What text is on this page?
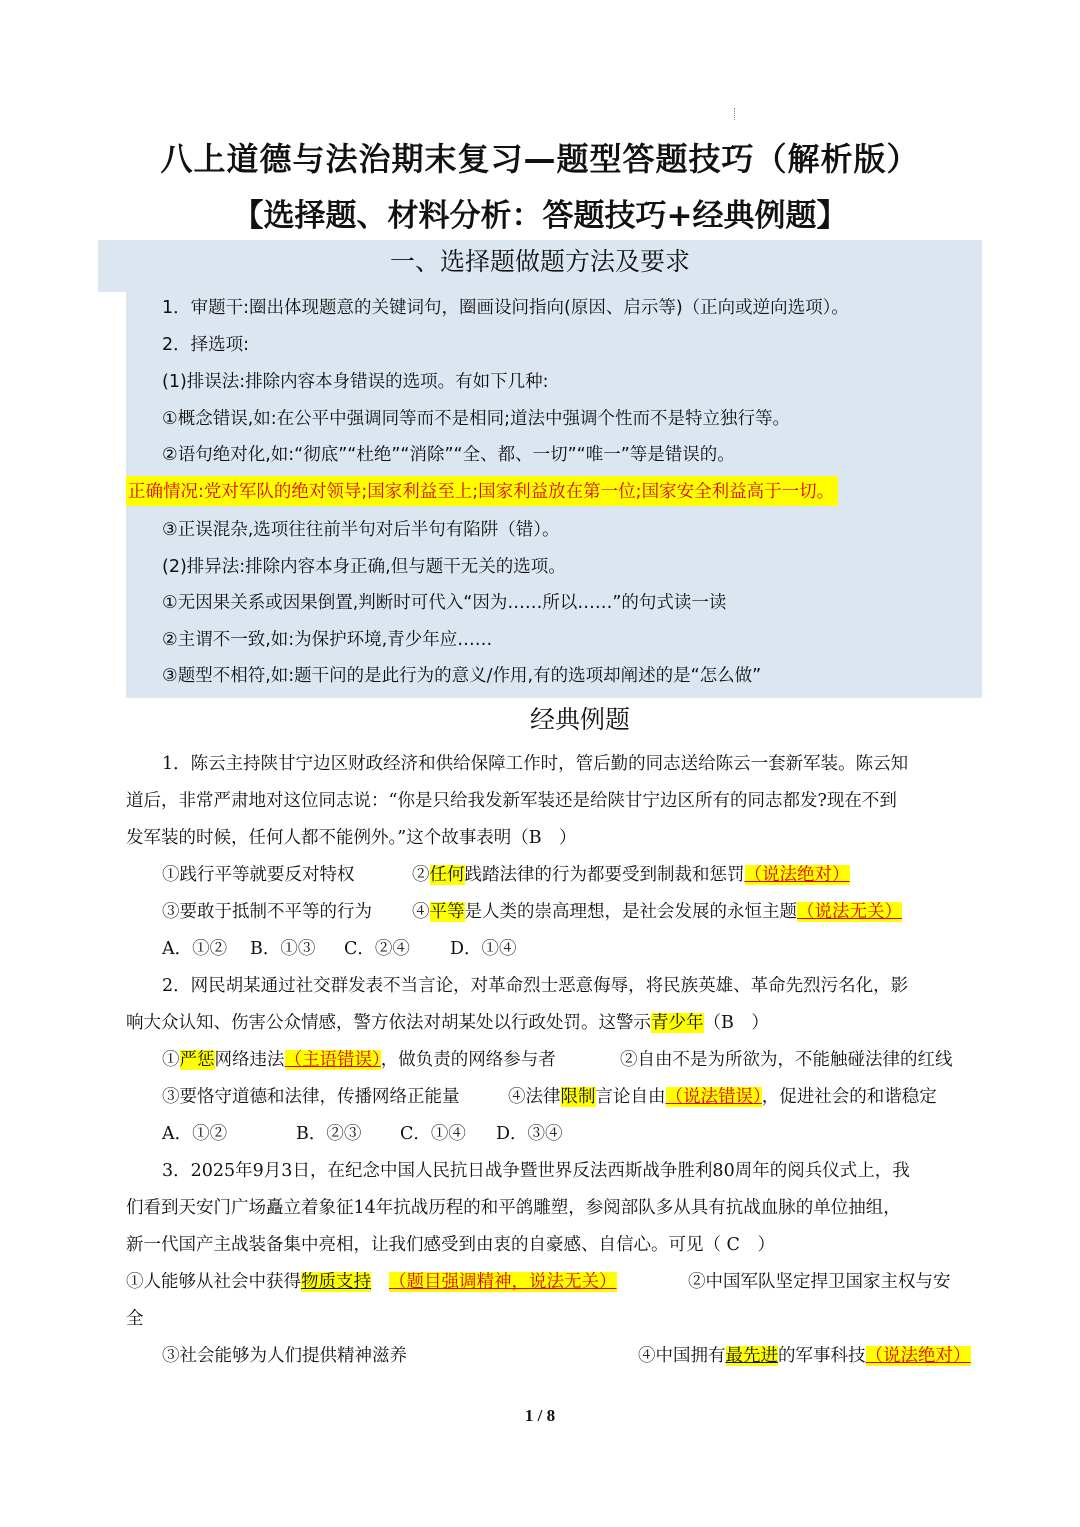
八上道德与法治期末复习—题型答题技巧（解析版）
【选择题、材料分析：答题技巧+经典例题】
一、选择题做题方法及要求
1．审题干:圈出体现题意的关键词句，圈画设问指向(原因、启示等)（正向或逆向选项）。
2．择选项:
(1)排误法:排除内容本身错误的选项。有如下几种:
①概念错误,如:在公平中强调同等而不是相同;道法中强调个性而不是特立独行等。
②语句绝对化,如:“彻底”“杜绝”“消除”“全、都、一切”“唯一”等是错误的。
正确情况:党对军队的绝对领导;国家利益至上;国家利益放在第一位;国家安全利益高于一切。
③正误混杂,选项往往前半句对后半句有陷阱（错）。
(2)排异法:排除内容本身正确,但与题干无关的选项。
①无因果关系或因果倒置,判断时可代入“因为……所以……”的句式读一读
②主谓不一致,如:为保护环境,青少年应……
③题型不相符,如:题干问的是此行为的意义/作用,有的选项却阐述的是“怎么做”
经典例题
1．陈云主持陕甘宁边区财政经济和供给保障工作时，管后勤的同志送给陈云一套新军装。陈云知
道后，非常严肃地对这位同志说：“你是只给我发新军装还是给陕甘宁边区所有的同志都发?现在不到
发军装的时候，任何人都不能例外。”这个故事表明（B　）
①践行平等就要反对特权	②任何践踏法律的行为都要受到制裁和惩罚（说法绝对）
③要敢于抵制不平等的行为 ④平等是人类的崇高理想，是社会发展的永恒主题（说法无关）
A．①② B．①③ C．②④ D．①④
2．网民胡某通过社交群发表不当言论，对革命烈士恶意侮辱，将民族英雄、革命先烈污名化，影
响大众认知、伤害公众情感，警方依法对胡某处以行政处罚。这警示青少年（B　）
①严惩网络违法（主语错误），做负责的网络参与者	②自由不是为所欲为，不能触碰法律的红线
③要恪守道德和法律，传播网络正能量	④法律限制言论自由（说法错误），促进社会的和谐稳定
A．①②	B．②③ C．①④ D．③④
3．2025年9月3日，在纪念中国人民抗日战争暨世界反法西斯战争胜利80周年的阅兵仪式上，我
们看到天安门广场矗立着象征14年抗战历程的和平鸽雕塑，参阅部队多从具有抗战血脉的单位抽组，
新一代国产主战装备集中亮相，让我们感受到由衷的自豪感、自信心。可见（ C　）
①人能够从社会中获得物质支持 （题目强调精神，说法无关）	②中国军队坚定捍卫国家主权与安
全
③社会能够为人们提供精神滋养	④中国拥有最先进的军事科技（说法绝对）
1 / 8
